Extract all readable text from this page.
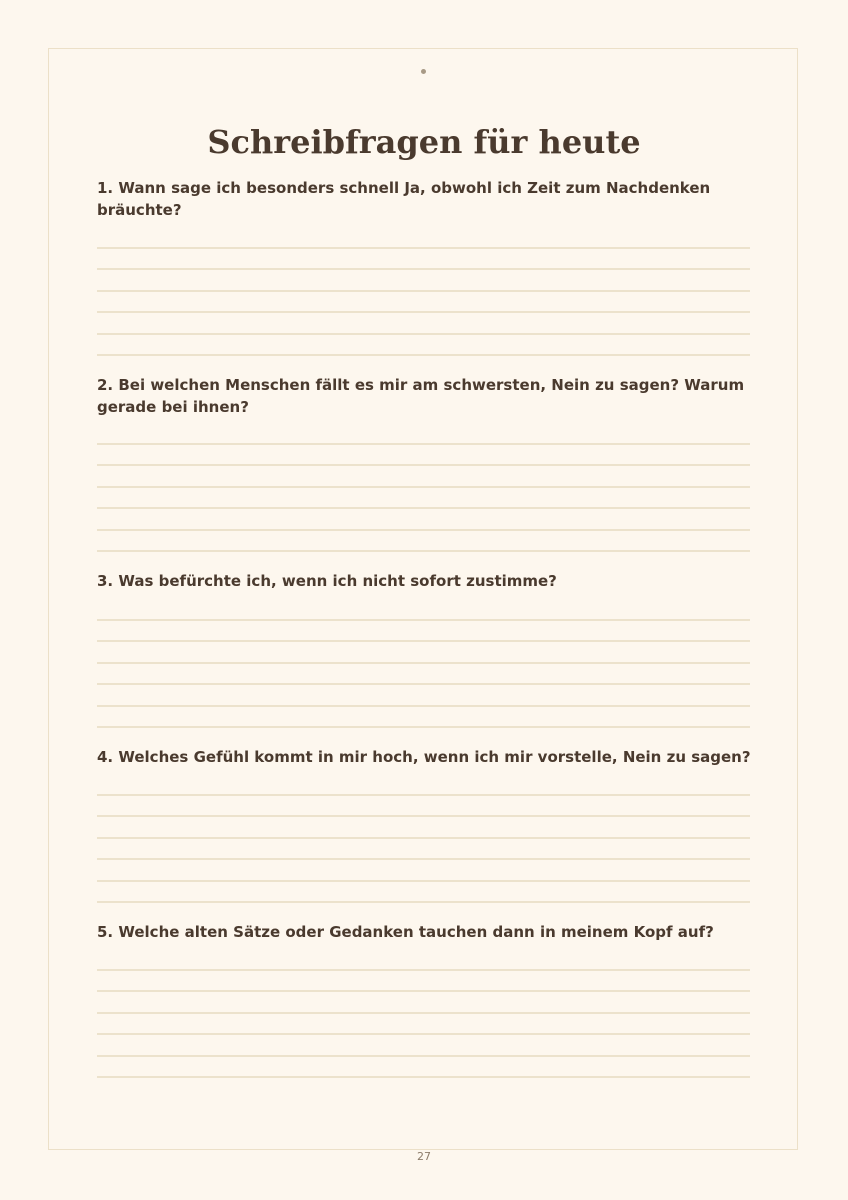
Schreibfragen für heute

1. Wann sage ich besonders schnell Ja, obwohl ich Zeit zum Nachdenken bräuchte?

2. Bei welchen Menschen fällt es mir am schwersten, Nein zu sagen? Warum gerade bei ihnen?

3. Was befürchte ich, wenn ich nicht sofort zustimme?

4. Welches Gefühl kommt in mir hoch, wenn ich mir vorstelle, Nein zu sagen?

5. Welche alten Sätze oder Gedanken tauchen dann in meinem Kopf auf?

27
